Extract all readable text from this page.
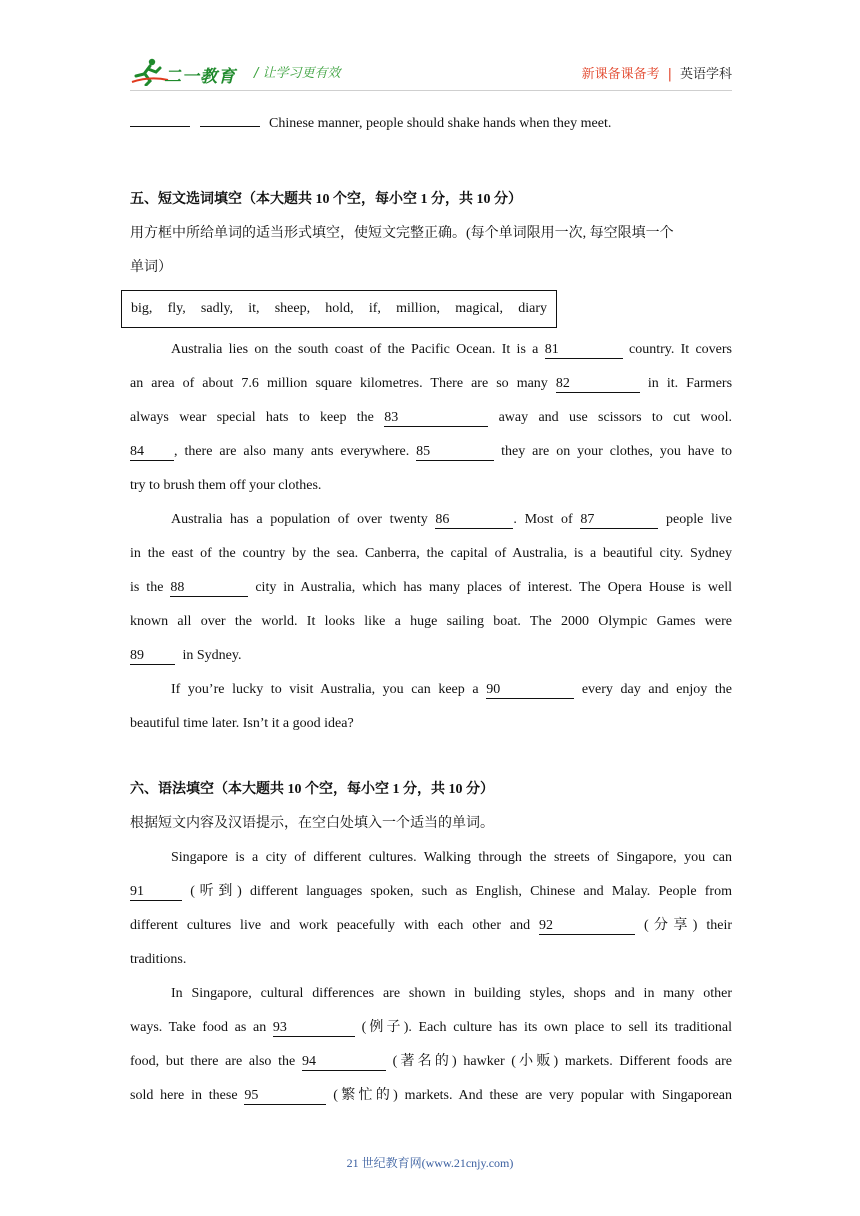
二一教育 / 让学习更有效	新课备课备考 | 英语学科
Chinese manner, people should shake hands when they meet.
五、短文选词填空（本大题共 10 个空，每小空 1 分，共 10 分）
用方框中所给单词的适当形式填空，使短文完整正确。(每个单词限用一次, 每空限填一个
单词）
big, fly, sadly, it, sheep, hold, if, million, magical, diary
Australia lies on the south coast of the Pacific Ocean. It is a 81	country. It covers
an area of about 7.6 million square kilometres. There are so many 82	in it. Farmers
always wear special hats to keep the 83	away and use scissors to cut wool.
84 , there are also many ants everywhere. 85	they are on your clothes, you have to
try to brush them off your clothes.
Australia has a population of over twenty 86	. Most of 87	people live
in the east of the country by the sea. Canberra, the capital of Australia, is a beautiful city. Sydney
is the 88	city in Australia, which has many places of interest. The Opera House is well
known all over the world. It looks like a huge sailing boat. The 2000 Olympic Games were
89	in Sydney.
If you’re lucky to visit Australia, you can keep a 90	every day and enjoy the
beautiful time later. Isn’t it a good idea?
六、语法填空（本大题共 10 个空，每小空 1 分，共 10 分）
根据短文内容及汉语提示，在空白处填入一个适当的单词。
Singapore is a city of different cultures. Walking through the streets of Singapore, you can
91	(听到) different languages spoken, such as English, Chinese and Malay. People from
different cultures live and work peacefully with each other and 92	(分享) their
traditions.
In Singapore, cultural differences are shown in building styles, shops and in many other
ways. Take food as an 93	(例子). Each culture has its own place to sell its traditional
food, but there are also the 94	(著名的) hawker (小贩) markets. Different foods are
sold here in these 95	(繁忙的) markets. And these are very popular with Singaporean
21 世纪教育网(www.21cnjy.com)
